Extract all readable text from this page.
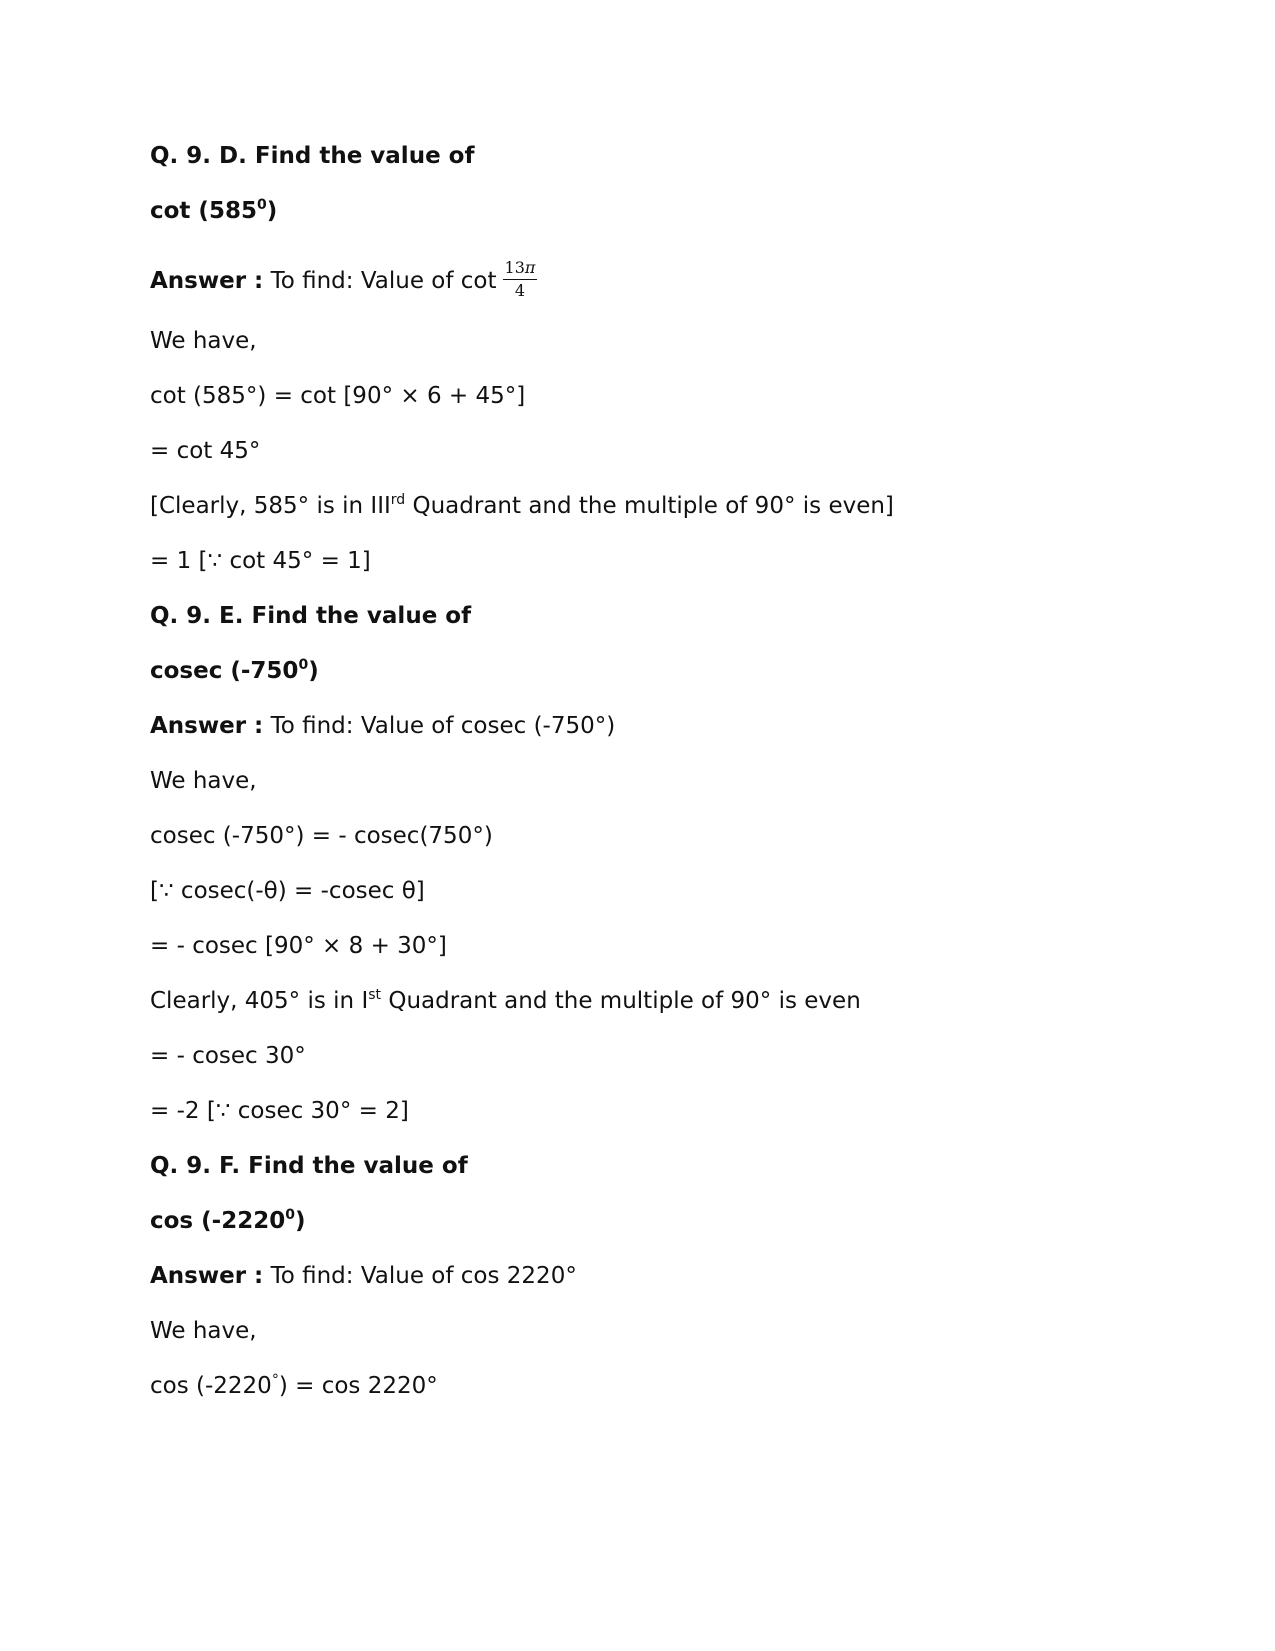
Q. 9. D. Find the value of
$\cot (585^0)$
Answer : To find: Value of $\cot \frac{13\pi}{4}$
We have,
cot (585°) = cot [90° × 6 + 45°]
= cot 45°
[Clearly, 585° is in IIIrd Quadrant and the multiple of 90° is even]
= 1 [∵ cot 45° = 1]
Q. 9. E. Find the value of
cosec $(-750^0)$
Answer : To find: Value of cosec (-750°)
We have,
cosec (-750°) = - cosec(750°)
[∵ cosec(-θ) = -cosec θ]
= - cosec [90° × 8 + 30°]
Clearly, 405° is in Ist Quadrant and the multiple of 90° is even
= - cosec 30°
= -2 [∵ cosec 30° = 2]
Q. 9. F. Find the value of
cos (-2220$^0$)
Answer : To find: Value of cos 2220°
We have,
cos (-2220°) = cos 2220°
